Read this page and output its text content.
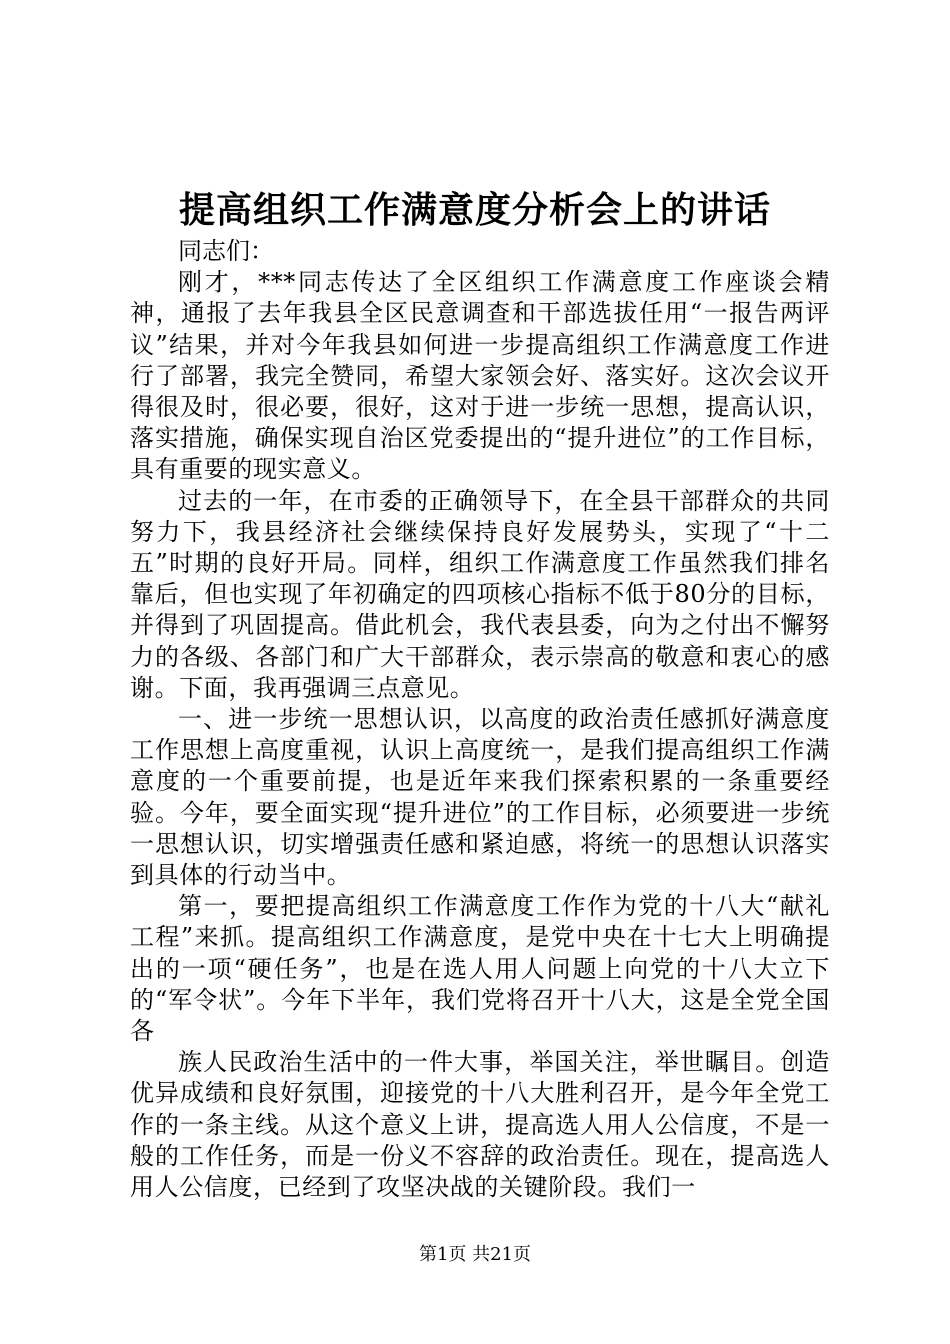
提高组织工作满意度分析会上的讲话

同志们：

刚才，***同志传达了全区组织工作满意度工作座谈会精神，通报了去年我县全区民意调查和干部选拔任用“一报告两评议”结果，并对今年我县如何进一步提高组织工作满意度工作进行了部署，我完全赞同，希望大家领会好、落实好。这次会议开得很及时，很必要，很好，这对于进一步统一思想，提高认识，落实措施，确保实现自治区党委提出的“提升进位”的工作目标，具有重要的现实意义。

过去的一年，在市委的正确领导下，在全县干部群众的共同努力下，我县经济社会继续保持良好发展势头，实现了“十二五”时期的良好开局。同样，组织工作满意度工作虽然我们排名靠后，但也实现了年初确定的四项核心指标不低于80分的目标，并得到了巩固提高。借此机会，我代表县委，向为之付出不懈努力的各级、各部门和广大干部群众，表示崇高的敬意和衷心的感谢。下面，我再强调三点意见。

一、进一步统一思想认识，以高度的政治责任感抓好满意度工作思想上高度重视，认识上高度统一，是我们提高组织工作满意度的一个重要前提，也是近年来我们探索积累的一条重要经验。今年，要全面实现“提升进位”的工作目标，必须要进一步统一思想认识，切实增强责任感和紧迫感，将统一的思想认识落实到具体的行动当中。

第一，要把提高组织工作满意度工作作为党的十八大“献礼工程”来抓。提高组织工作满意度，是党中央在十七大上明确提出的一项“硬任务”，也是在选人用人问题上向党的十八大立下的“军令状”。今年下半年，我们党将召开十八大，这是全党全国各

族人民政治生活中的一件大事，举国关注，举世瞩目。创造优异成绩和良好氛围，迎接党的十八大胜利召开，是今年全党工作的一条主线。从这个意义上讲，提高选人用人公信度，不是一般的工作任务，而是一份义不容辞的政治责任。现在，提高选人用人公信度，已经到了攻坚决战的关键阶段。我们一

第1页 共21页
